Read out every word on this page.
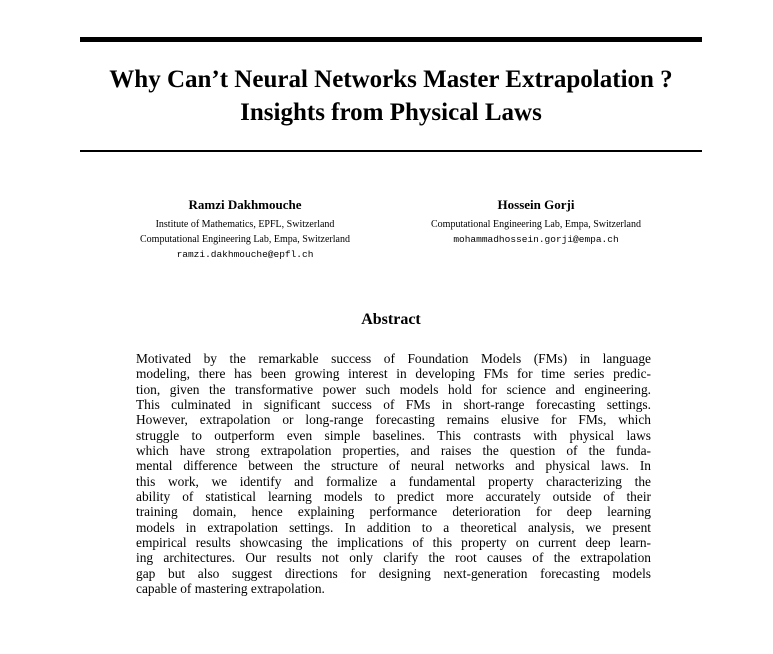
Why Can’t Neural Networks Master Extrapolation ?
Insights from Physical Laws
Ramzi Dakhmouche
Institute of Mathematics, EPFL, Switzerland
Computational Engineering Lab, Empa, Switzerland
ramzi.dakhmouche@epfl.ch
Hossein Gorji
Computational Engineering Lab, Empa, Switzerland
mohammadhossein.gorji@empa.ch
Abstract
Motivated by the remarkable success of Foundation Models (FMs) in language
modeling, there has been growing interest in developing FMs for time series predic-
tion, given the transformative power such models hold for science and engineering.
This culminated in significant success of FMs in short-range forecasting settings.
However, extrapolation or long-range forecasting remains elusive for FMs, which
struggle to outperform even simple baselines. This contrasts with physical laws
which have strong extrapolation properties, and raises the question of the funda-
mental difference between the structure of neural networks and physical laws. In
this work, we identify and formalize a fundamental property characterizing the
ability of statistical learning models to predict more accurately outside of their
training domain, hence explaining performance deterioration for deep learning
models in extrapolation settings. In addition to a theoretical analysis, we present
empirical results showcasing the implications of this property on current deep learn-
ing architectures. Our results not only clarify the root causes of the extrapolation
gap but also suggest directions for designing next-generation forecasting models
capable of mastering extrapolation.
